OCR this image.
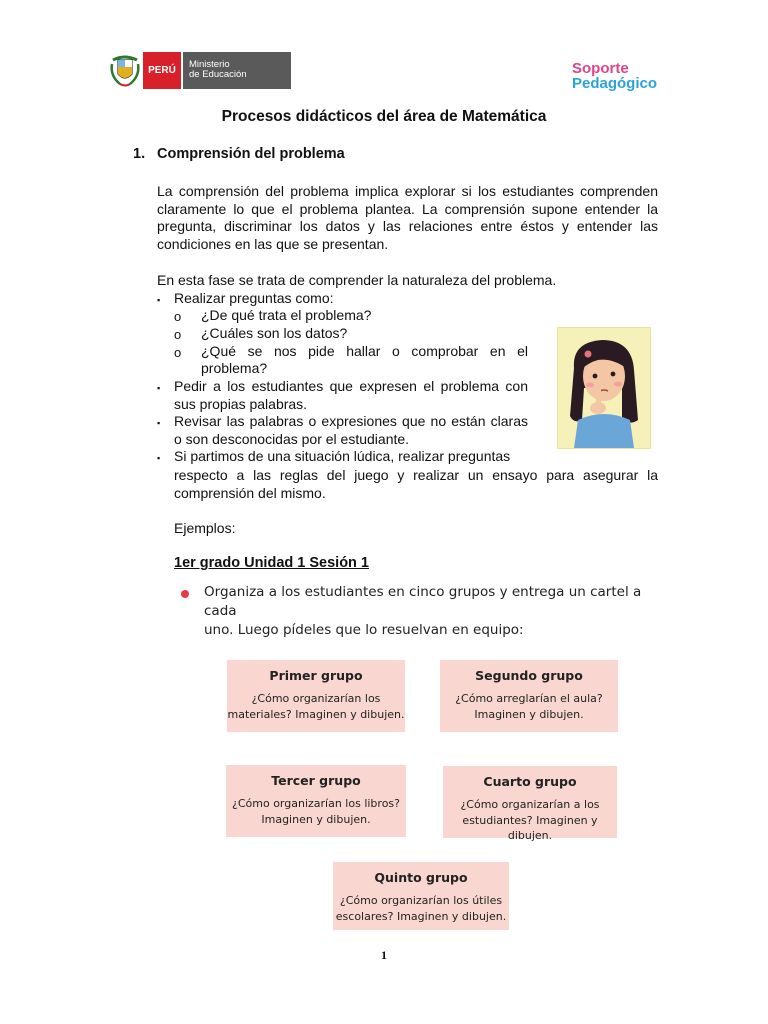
PERÚ
Ministerio
de Educación	Soporte
Pedagógico
Procesos didácticos del área de Matemática
1. Comprensión del problema
La comprensión del problema implica explorar si los estudiantes comprenden claramente lo que el problema plantea. La comprensión supone entender la pregunta, discriminar los datos y las relaciones entre éstos y entender las condiciones en las que se presentan.
En esta fase se trata de comprender la naturaleza del problema.
▪ Realizar preguntas como:
o ¿De qué trata el problema?
o ¿Cuáles son los datos?
o ¿Qué se nos pide hallar o comprobar en el
problema?
▪ Pedir a los estudiantes que expresen el problema con
sus propias palabras.
▪ Revisar las palabras o expresiones que no están claras
o son desconocidas por el estudiante.
▪ Si partimos de una situación lúdica, realizar preguntas
respecto a las reglas del juego y realizar un ensayo para asegurar la
comprensión del mismo.
Ejemplos:
1er grado Unidad 1 Sesión 1
Organiza a los estudiantes en cinco grupos y entrega un cartel a cada
uno. Luego pídeles que lo resuelvan en equipo:
Primer grupo
¿Cómo organizarían los
materiales? Imaginen y dibujen.
Segundo grupo
¿Cómo arreglarían el aula?
Imaginen y dibujen.
Tercer grupo
¿Cómo organizarían los libros?
Imaginen y dibujen.
Cuarto grupo
¿Cómo organizarían a los
estudiantes? Imaginen y dibujen.
Quinto grupo
¿Cómo organizarían los útiles
escolares? Imaginen y dibujen.
1
